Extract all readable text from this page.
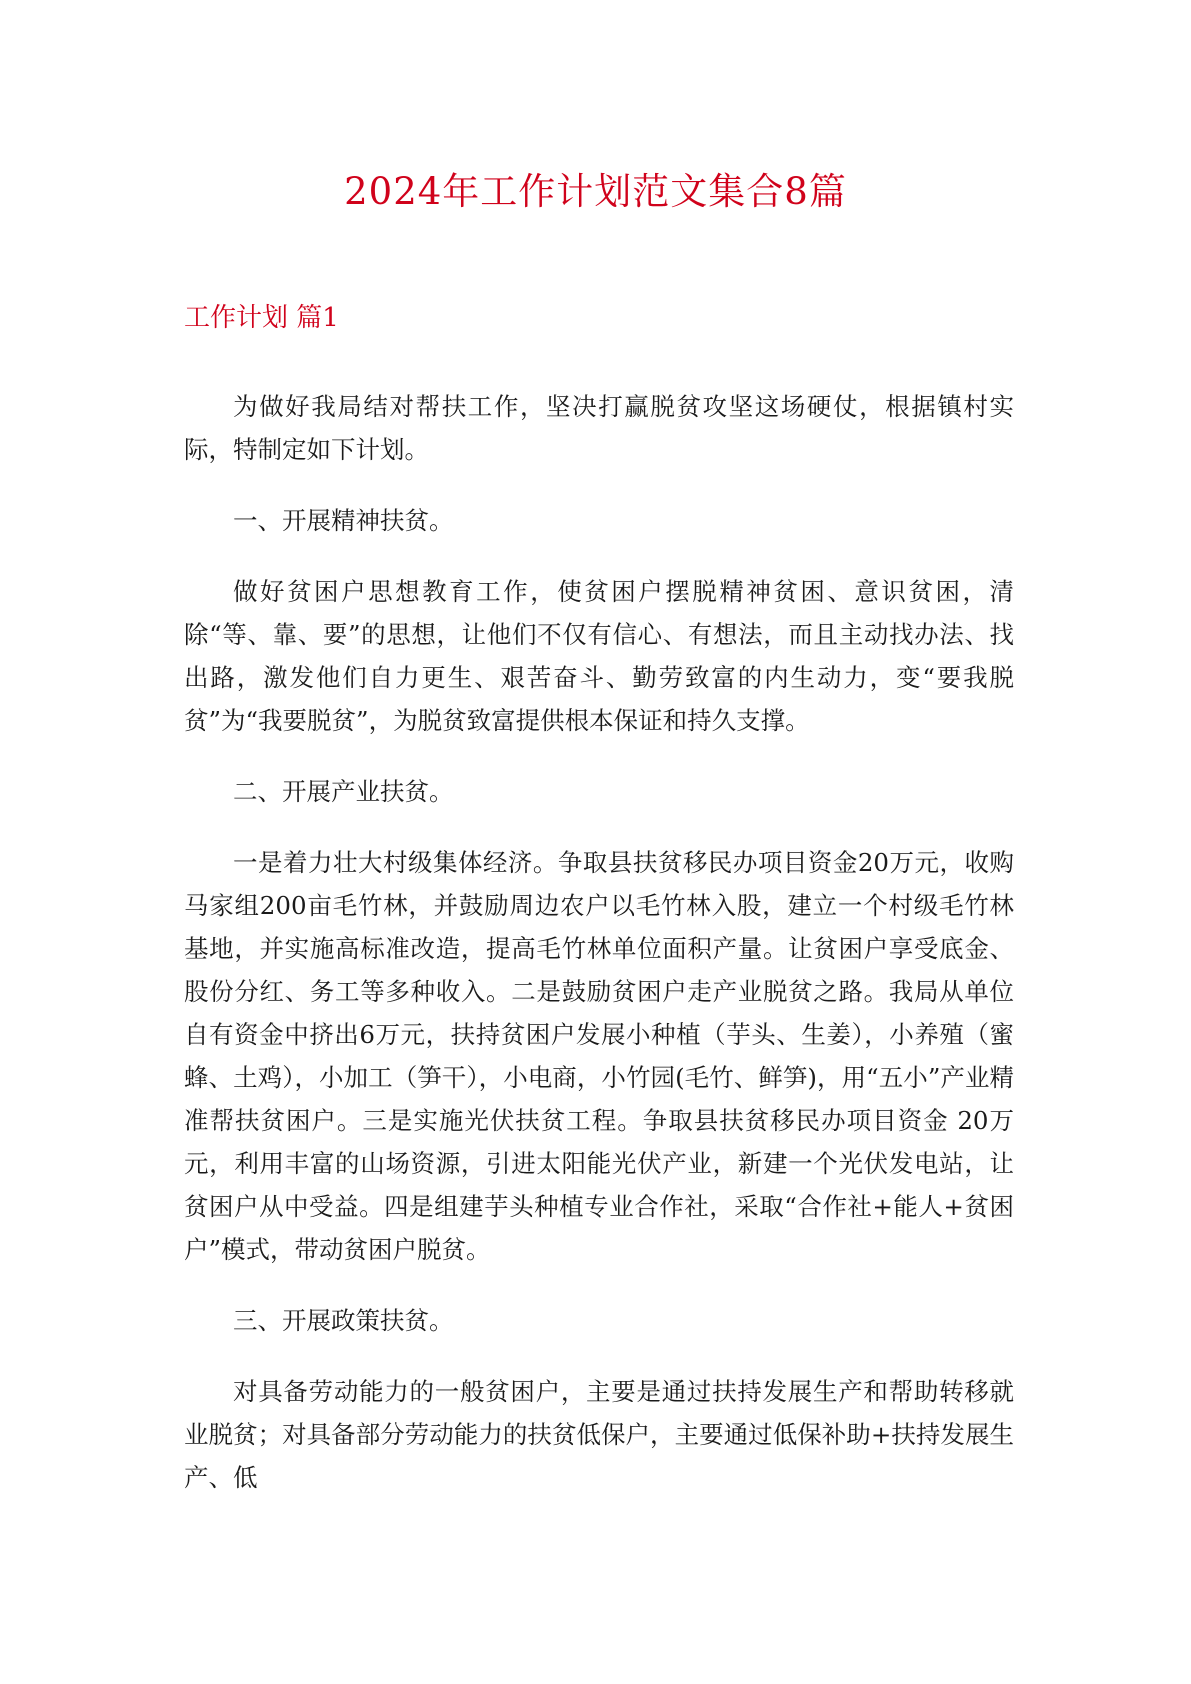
2024年工作计划范文集合8篇
工作计划 篇1

为做好我局结对帮扶工作，坚决打赢脱贫攻坚这场硬仗，根据镇村实际，特制定如下计划。

一、开展精神扶贫。

做好贫困户思想教育工作，使贫困户摆脱精神贫困、意识贫困，清除“等、靠、要”的思想，让他们不仅有信心、有想法，而且主动找办法、找出路，激发他们自力更生、艰苦奋斗、勤劳致富的内生动力，变“要我脱贫”为“我要脱贫”，为脱贫致富提供根本保证和持久支撑。

二、开展产业扶贫。

一是着力壮大村级集体经济。争取县扶贫移民办项目资金20万元，收购马家组200亩毛竹林，并鼓励周边农户以毛竹林入股，建立一个村级毛竹林基地，并实施高标准改造，提高毛竹林单位面积产量。让贫困户享受底金、股份分红、务工等多种收入。二是鼓励贫困户走产业脱贫之路。我局从单位自有资金中挤出6万元，扶持贫困户发展小种植（芋头、生姜），小养殖（蜜蜂、土鸡），小加工（笋干），小电商，小竹园(毛竹、鲜笋)，用“五小”产业精准帮扶贫困户。三是实施光伏扶贫工程。争取县扶贫移民办项目资金 20万元，利用丰富的山场资源，引进太阳能光伏产业，新建一个光伏发电站，让贫困户从中受益。四是组建芋头种植专业合作社，采取“合作社+能人+贫困户”模式，带动贫困户脱贫。

三、开展政策扶贫。

对具备劳动能力的一般贫困户，主要是通过扶持发展生产和帮助转移就业脱贫；对具备部分劳动能力的扶贫低保户，主要通过低保补助+扶持发展生产、低
